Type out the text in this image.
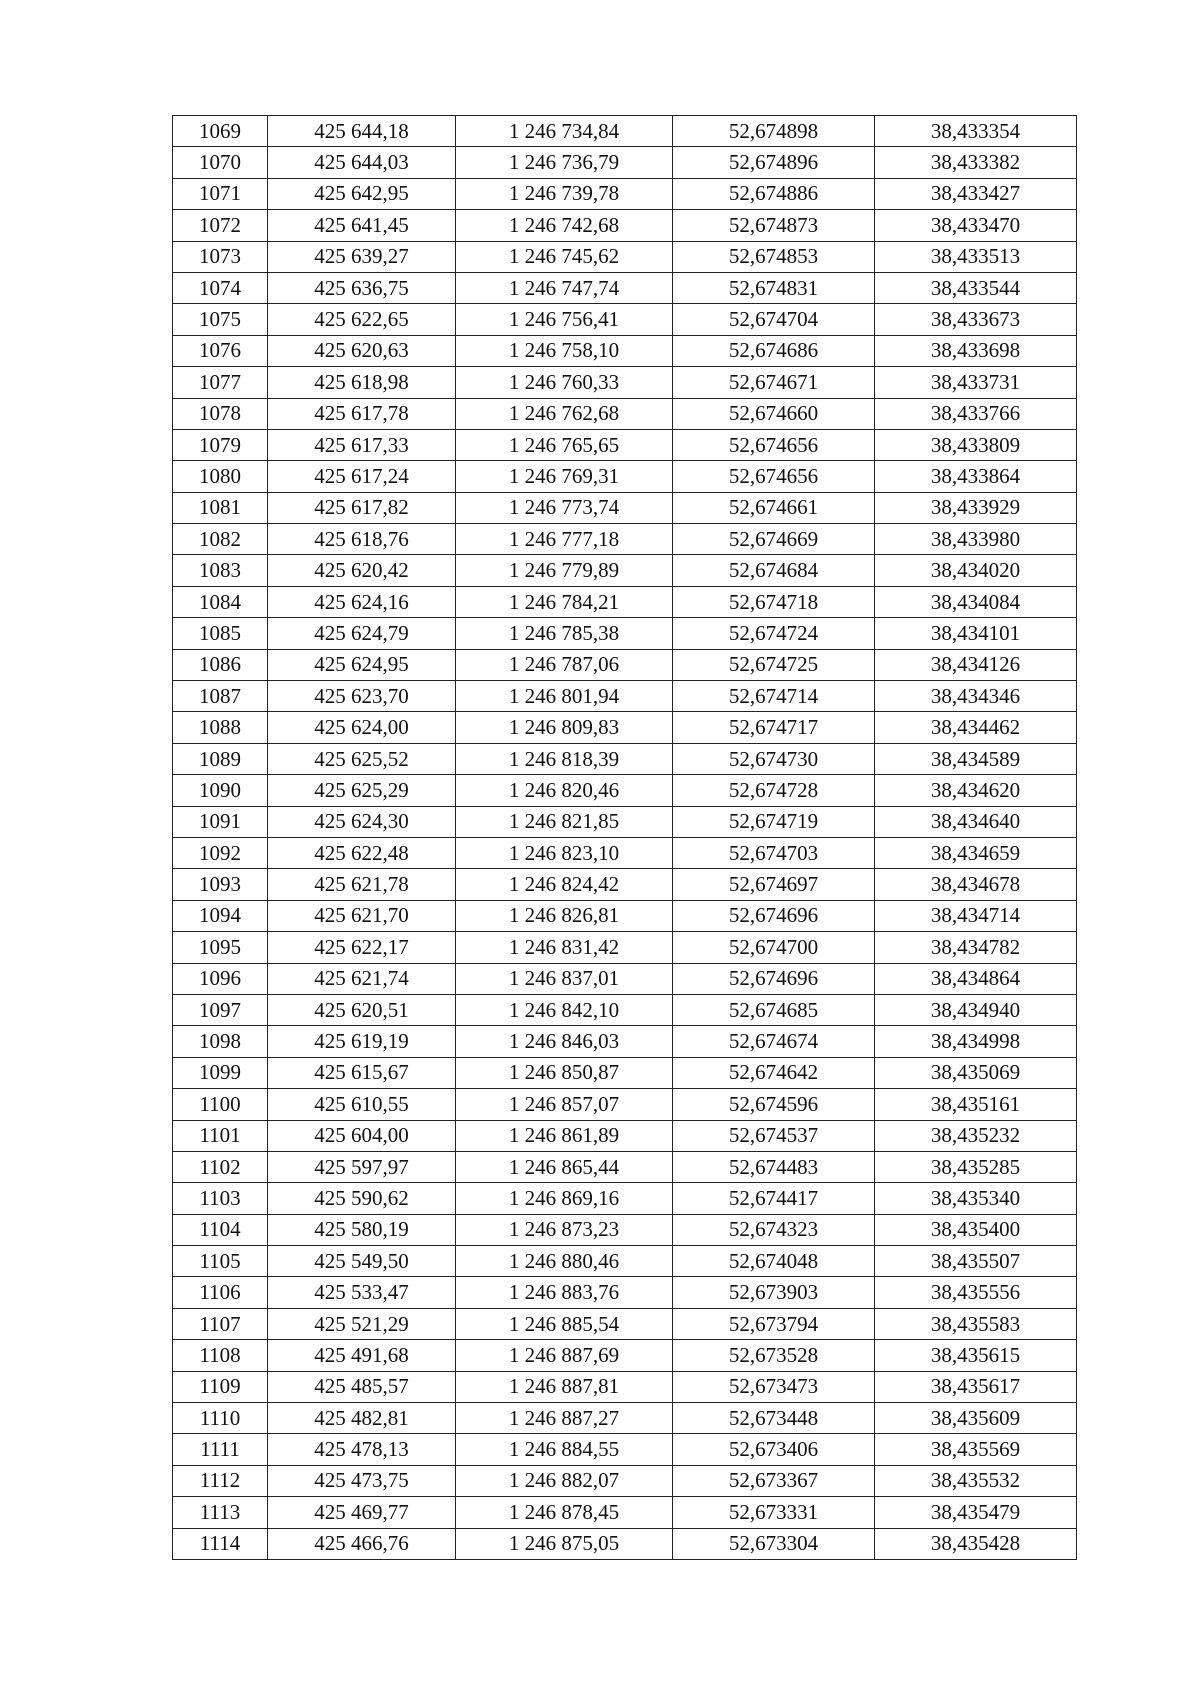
1069	425 644,18	1 246 734,84	52,674898	38,433354
1070	425 644,03	1 246 736,79	52,674896	38,433382
1071	425 642,95	1 246 739,78	52,674886	38,433427
1072	425 641,45	1 246 742,68	52,674873	38,433470
1073	425 639,27	1 246 745,62	52,674853	38,433513
1074	425 636,75	1 246 747,74	52,674831	38,433544
1075	425 622,65	1 246 756,41	52,674704	38,433673
1076	425 620,63	1 246 758,10	52,674686	38,433698
1077	425 618,98	1 246 760,33	52,674671	38,433731
1078	425 617,78	1 246 762,68	52,674660	38,433766
1079	425 617,33	1 246 765,65	52,674656	38,433809
1080	425 617,24	1 246 769,31	52,674656	38,433864
1081	425 617,82	1 246 773,74	52,674661	38,433929
1082	425 618,76	1 246 777,18	52,674669	38,433980
1083	425 620,42	1 246 779,89	52,674684	38,434020
1084	425 624,16	1 246 784,21	52,674718	38,434084
1085	425 624,79	1 246 785,38	52,674724	38,434101
1086	425 624,95	1 246 787,06	52,674725	38,434126
1087	425 623,70	1 246 801,94	52,674714	38,434346
1088	425 624,00	1 246 809,83	52,674717	38,434462
1089	425 625,52	1 246 818,39	52,674730	38,434589
1090	425 625,29	1 246 820,46	52,674728	38,434620
1091	425 624,30	1 246 821,85	52,674719	38,434640
1092	425 622,48	1 246 823,10	52,674703	38,434659
1093	425 621,78	1 246 824,42	52,674697	38,434678
1094	425 621,70	1 246 826,81	52,674696	38,434714
1095	425 622,17	1 246 831,42	52,674700	38,434782
1096	425 621,74	1 246 837,01	52,674696	38,434864
1097	425 620,51	1 246 842,10	52,674685	38,434940
1098	425 619,19	1 246 846,03	52,674674	38,434998
1099	425 615,67	1 246 850,87	52,674642	38,435069
1100	425 610,55	1 246 857,07	52,674596	38,435161
1101	425 604,00	1 246 861,89	52,674537	38,435232
1102	425 597,97	1 246 865,44	52,674483	38,435285
1103	425 590,62	1 246 869,16	52,674417	38,435340
1104	425 580,19	1 246 873,23	52,674323	38,435400
1105	425 549,50	1 246 880,46	52,674048	38,435507
1106	425 533,47	1 246 883,76	52,673903	38,435556
1107	425 521,29	1 246 885,54	52,673794	38,435583
1108	425 491,68	1 246 887,69	52,673528	38,435615
1109	425 485,57	1 246 887,81	52,673473	38,435617
1110	425 482,81	1 246 887,27	52,673448	38,435609
1111	425 478,13	1 246 884,55	52,673406	38,435569
1112	425 473,75	1 246 882,07	52,673367	38,435532
1113	425 469,77	1 246 878,45	52,673331	38,435479
1114	425 466,76	1 246 875,05	52,673304	38,435428
